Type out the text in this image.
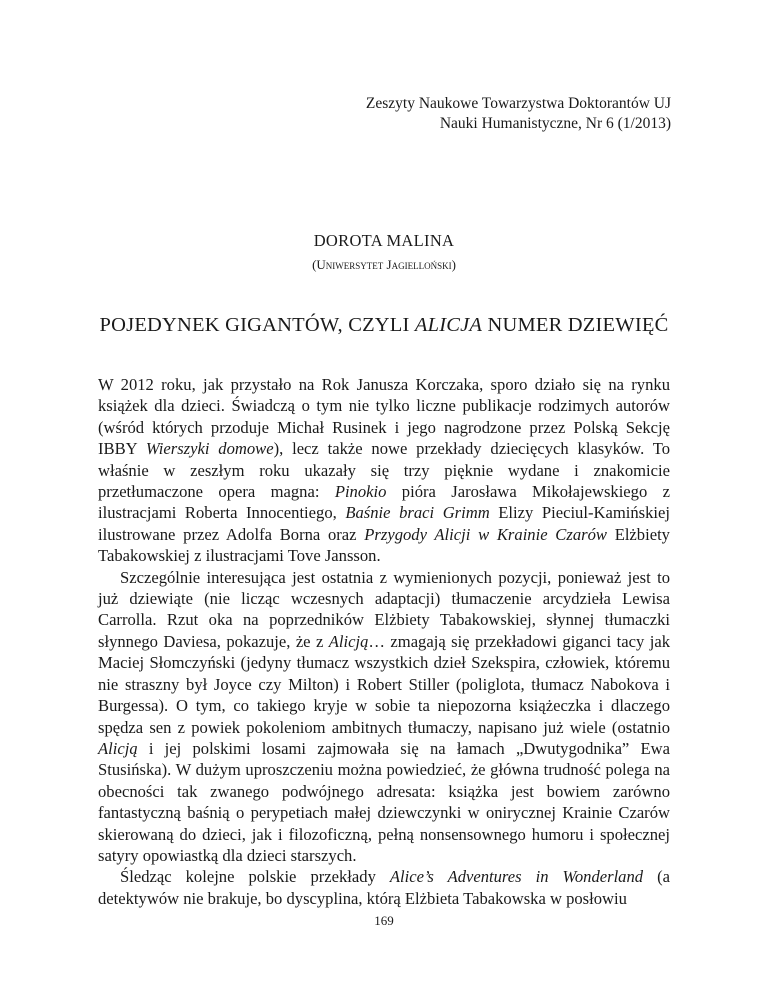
Zeszyty Naukowe Towarzystwa Doktorantów UJ
Nauki Humanistyczne, Nr 6 (1/2013)
DOROTA MALINA
(Uniwersytet Jagielloński)
POJEDYNEK GIGANTÓW, CZYLI ALICJA NUMER DZIEWIĘĆ

W 2012 roku, jak przystało na Rok Janusza Korczaka, sporo działo się na rynku książek dla dzieci. Świadczą o tym nie tylko liczne publikacje rodzimych autorów (wśród których przoduje Michał Rusinek i jego nagrodzone przez Polską Sekcję IBBY Wierszyki domowe), lecz także nowe przekłady dziecięcych klasyków. To właśnie w zeszłym roku ukazały się trzy pięknie wydane i znakomicie przetłumaczone opera magna: Pinokio pióra Jarosława Mikołajewskiego z ilustracjami Roberta Innocentiego, Baśnie braci Grimm Elizy Pieciul-Kamińskiej ilustrowane przez Adolfa Borna oraz Przygody Alicji w Krainie Czarów Elżbiety Tabakowskiej z ilustracjami Tove Jansson.

Szczególnie interesująca jest ostatnia z wymienionych pozycji, ponieważ jest to już dziewiąte (nie licząc wczesnych adaptacji) tłumaczenie arcydzieła Lewisa Carrolla. Rzut oka na poprzedników Elżbiety Tabakowskiej, słynnej tłumaczki słynnego Daviesa, pokazuje, że z Alicją… zmagają się przekładowi giganci tacy jak Maciej Słomczyński (jedyny tłumacz wszystkich dzieł Szekspira, człowiek, któremu nie straszny był Joyce czy Milton) i Robert Stiller (poliglota, tłumacz Nabokova i Burgessa). O tym, co takiego kryje w sobie ta niepozorna książeczka i dlaczego spędza sen z powiek pokoleniom ambitnych tłumaczy, napisano już wiele (ostatnio Alicją i jej polskimi losami zajmowała się na łamach „Dwutygodnika” Ewa Stusińska). W dużym uproszczeniu można powiedzieć, że główna trudność polega na obecności tak zwanego podwójnego adresata: książka jest bowiem zarówno fantastyczną baśnią o perypetiach małej dziewczynki w onirycznej Krainie Czarów skierowaną do dzieci, jak i filozoficzną, pełną nonsensownego humoru i społecznej satyry opowiastką dla dzieci starszych.

Śledząc kolejne polskie przekłady Alice’s Adventures in Wonderland (a detektywów nie brakuje, bo dyscyplina, którą Elżbieta Tabakowska w posłowiu

169
